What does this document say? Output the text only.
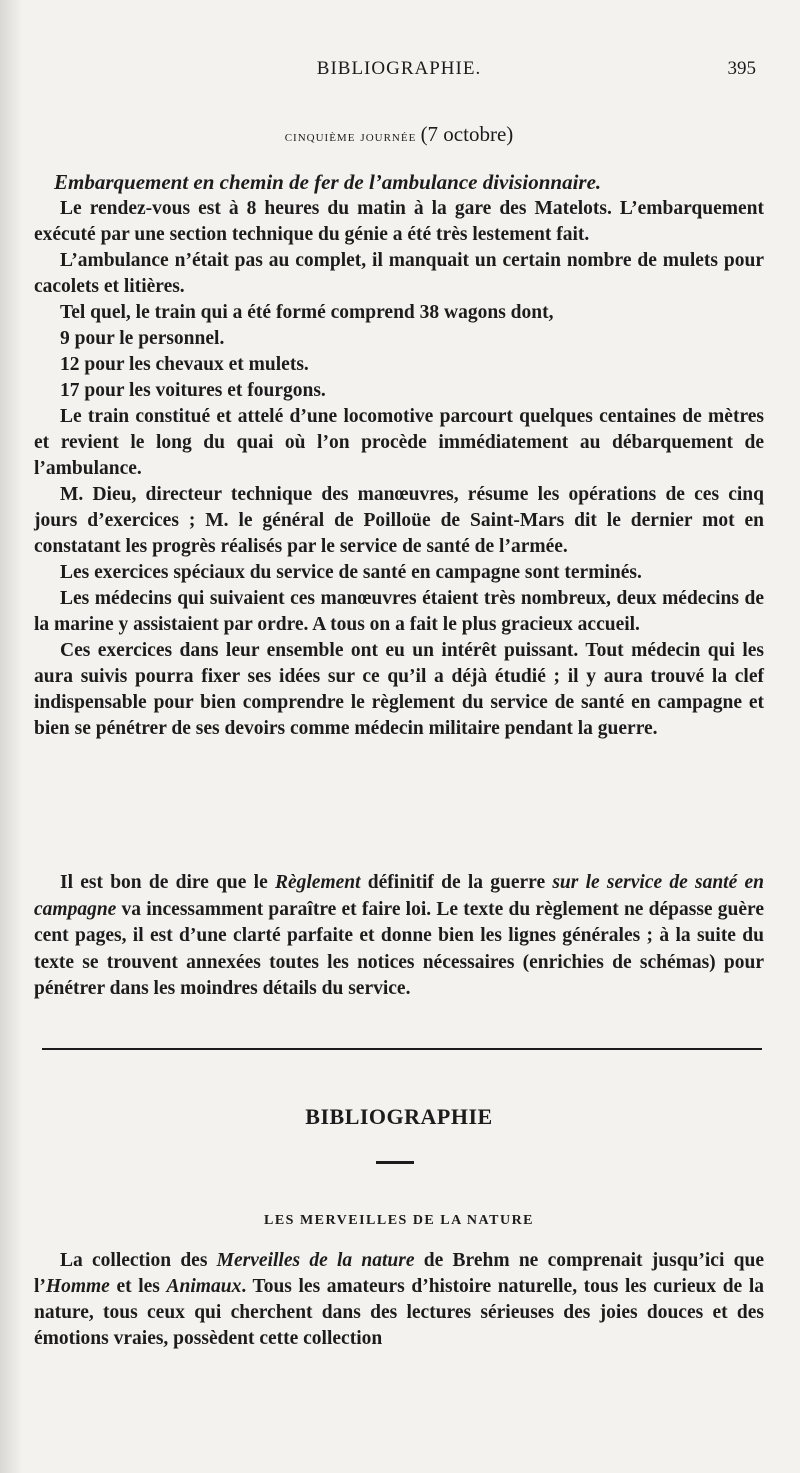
BIBLIOGRAPHIE.	395
cinquième journée (7 octobre)
Embarquement en chemin de fer de l’ambulance divisionnaire.

Le rendez-vous est à 8 heures du matin à la gare des Matelots. L’embarquement exécuté par une section technique du génie a été très lestement fait.

L’ambulance n’était pas au complet, il manquait un certain nombre de mulets pour cacolets et litières.

Tel quel, le train qui a été formé comprend 38 wagons dont,

9 pour le personnel.

12 pour les chevaux et mulets.

17 pour les voitures et fourgons.

Le train constitué et attelé d’une locomotive parcourt quelques centaines de mètres et revient le long du quai où l’on procède immédiatement au débarquement de l’ambulance.

M. Dieu, directeur technique des manœuvres, résume les opérations de ces cinq jours d’exercices ; M. le général de Poilloüe de Saint-Mars dit le dernier mot en constatant les progrès réalisés par le service de santé de l’armée.

Les exercices spéciaux du service de santé en campagne sont terminés.

Les médecins qui suivaient ces manœuvres étaient très nombreux, deux médecins de la marine y assistaient par ordre. A tous on a fait le plus gracieux accueil.

Ces exercices dans leur ensemble ont eu un intérêt puissant. Tout médecin qui les aura suivis pourra fixer ses idées sur ce qu’il a déjà étudié ; il y aura trouvé la clef indispensable pour bien comprendre le règlement du service de santé en campagne et bien se pénétrer de ses devoirs comme médecin militaire pendant la guerre.

Il est bon de dire que le Règlement définitif de la guerre sur le service de santé en campagne va incessamment paraître et faire loi. Le texte du règlement ne dépasse guère cent pages, il est d’une clarté parfaite et donne bien les lignes générales ; à la suite du texte se trouvent annexées toutes les notices nécessaires (enrichies de schémas) pour pénétrer dans les moindres détails du service.

BIBLIOGRAPHIE
LES MERVEILLES DE LA NATURE

La collection des Merveilles de la nature de Brehm ne comprenait jusqu’ici que l’Homme et les Animaux. Tous les amateurs d’histoire naturelle, tous les curieux de la nature, tous ceux qui cherchent dans des lectures sérieuses des joies douces et des émotions vraies, possèdent cette collection
